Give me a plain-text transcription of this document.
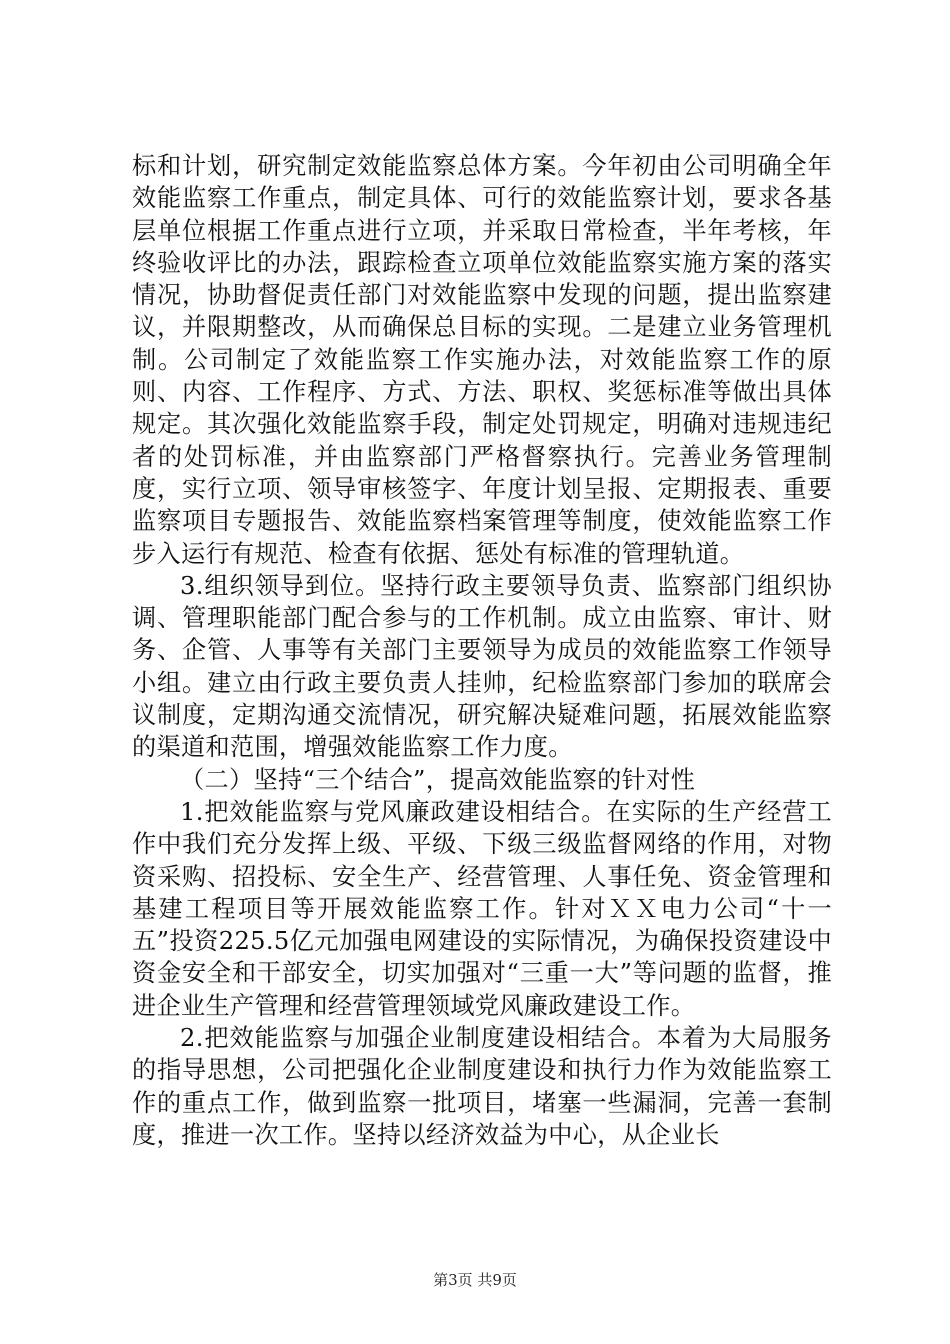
标和计划，研究制定效能监察总体方案。今年初由公司明确全年效能监察工作重点，制定具体、可行的效能监察计划，要求各基层单位根据工作重点进行立项，并采取日常检查，半年考核，年终验收评比的办法，跟踪检查立项单位效能监察实施方案的落实情况，协助督促责任部门对效能监察中发现的问题，提出监察建议，并限期整改，从而确保总目标的实现。二是建立业务管理机制。公司制定了效能监察工作实施办法，对效能监察工作的原则、内容、工作程序、方式、方法、职权、奖惩标准等做出具体规定。其次强化效能监察手段，制定处罚规定，明确对违规违纪者的处罚标准，并由监察部门严格督察执行。完善业务管理制度，实行立项、领导审核签字、年度计划呈报、定期报表、重要监察项目专题报告、效能监察档案管理等制度，使效能监察工作步入运行有规范、检查有依据、惩处有标准的管理轨道。

3.组织领导到位。坚持行政主要领导负责、监察部门组织协调、管理职能部门配合参与的工作机制。成立由监察、审计、财务、企管、人事等有关部门主要领导为成员的效能监察工作领导小组。建立由行政主要负责人挂帅，纪检监察部门参加的联席会议制度，定期沟通交流情况，研究解决疑难问题，拓展效能监察的渠道和范围，增强效能监察工作力度。

（二）坚持“三个结合”，提高效能监察的针对性

1.把效能监察与党风廉政建设相结合。在实际的生产经营工作中我们充分发挥上级、平级、下级三级监督网络的作用，对物资采购、招投标、安全生产、经营管理、人事任免、资金管理和基建工程项目等开展效能监察工作。针对ＸＸ电力公司“十一五”投资225.5亿元加强电网建设的实际情况，为确保投资建设中资金安全和干部安全，切实加强对“三重一大”等问题的监督，推进企业生产管理和经营管理领域党风廉政建设工作。

2.把效能监察与加强企业制度建设相结合。本着为大局服务的指导思想，公司把强化企业制度建设和执行力作为效能监察工作的重点工作，做到监察一批项目，堵塞一些漏洞，完善一套制度，推进一次工作。坚持以经济效益为中心，从企业长

第3页 共9页
